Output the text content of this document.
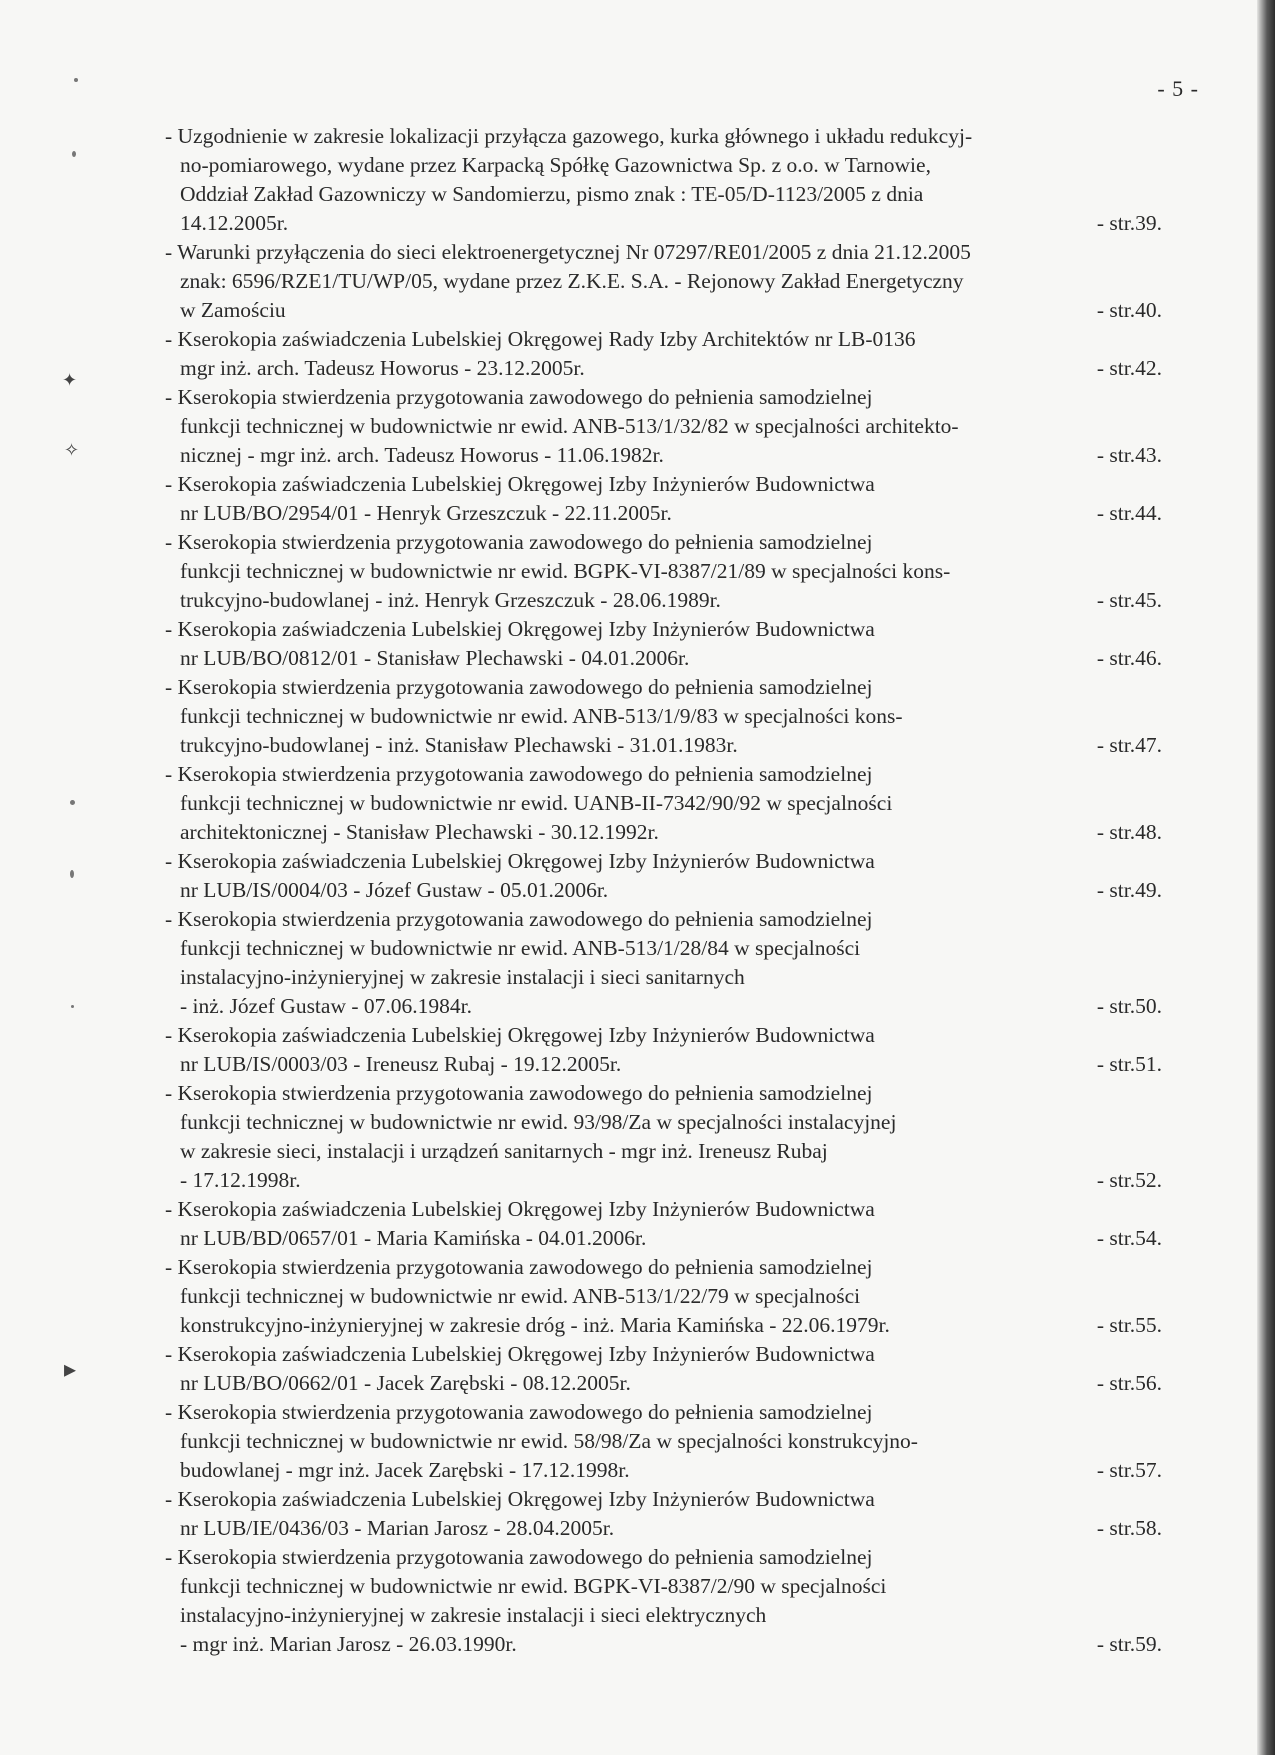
✦
✧
▸
- 5 -
- Uzgodnienie w zakresie lokalizacji przyłącza gazowego, kurka głównego i układu redukcyj-
no-pomiarowego, wydane przez Karpacką Spółkę Gazownictwa Sp. z o.o. w Tarnowie,
Oddział Zakład Gazowniczy w Sandomierzu, pismo znak : TE-05/D-1123/2005 z dnia
14.12.2005r.	- str.39.
- Warunki przyłączenia do sieci elektroenergetycznej Nr 07297/RE01/2005 z dnia 21.12.2005
znak: 6596/RZE1/TU/WP/05, wydane przez Z.K.E. S.A. - Rejonowy Zakład Energetyczny
w Zamościu	- str.40.
- Kserokopia zaświadczenia Lubelskiej Okręgowej Rady Izby Architektów nr LB-0136
mgr inż. arch. Tadeusz Howorus - 23.12.2005r.	- str.42.
- Kserokopia stwierdzenia przygotowania zawodowego do pełnienia samodzielnej
funkcji technicznej w budownictwie nr ewid. ANB-513/1/32/82 w specjalności architekto-
nicznej - mgr inż. arch. Tadeusz Howorus - 11.06.1982r.	- str.43.
- Kserokopia zaświadczenia Lubelskiej Okręgowej Izby Inżynierów Budownictwa
nr LUB/BO/2954/01 - Henryk Grzeszczuk - 22.11.2005r.	- str.44.
- Kserokopia stwierdzenia przygotowania zawodowego do pełnienia samodzielnej
funkcji technicznej w budownictwie nr ewid. BGPK-VI-8387/21/89 w specjalności kons-
trukcyjno-budowlanej - inż. Henryk Grzeszczuk - 28.06.1989r.	- str.45.
- Kserokopia zaświadczenia Lubelskiej Okręgowej Izby Inżynierów Budownictwa
nr LUB/BO/0812/01 - Stanisław Plechawski - 04.01.2006r.	- str.46.
- Kserokopia stwierdzenia przygotowania zawodowego do pełnienia samodzielnej
funkcji technicznej w budownictwie nr ewid. ANB-513/1/9/83 w specjalności kons-
trukcyjno-budowlanej - inż. Stanisław Plechawski - 31.01.1983r.	- str.47.
- Kserokopia stwierdzenia przygotowania zawodowego do pełnienia samodzielnej
funkcji technicznej w budownictwie nr ewid. UANB-II-7342/90/92 w specjalności
architektonicznej - Stanisław Plechawski - 30.12.1992r.	- str.48.
- Kserokopia zaświadczenia Lubelskiej Okręgowej Izby Inżynierów Budownictwa
nr LUB/IS/0004/03 - Józef Gustaw - 05.01.2006r.	- str.49.
- Kserokopia stwierdzenia przygotowania zawodowego do pełnienia samodzielnej
funkcji technicznej w budownictwie nr ewid. ANB-513/1/28/84 w specjalności
instalacyjno-inżynieryjnej w zakresie instalacji i sieci sanitarnych
- inż. Józef Gustaw - 07.06.1984r.	- str.50.
- Kserokopia zaświadczenia Lubelskiej Okręgowej Izby Inżynierów Budownictwa
nr LUB/IS/0003/03 - Ireneusz Rubaj - 19.12.2005r.	- str.51.
- Kserokopia stwierdzenia przygotowania zawodowego do pełnienia samodzielnej
funkcji technicznej w budownictwie nr ewid. 93/98/Za w specjalności instalacyjnej
w zakresie sieci, instalacji i urządzeń sanitarnych - mgr inż. Ireneusz Rubaj
- 17.12.1998r.	- str.52.
- Kserokopia zaświadczenia Lubelskiej Okręgowej Izby Inżynierów Budownictwa
nr LUB/BD/0657/01 - Maria Kamińska - 04.01.2006r.	- str.54.
- Kserokopia stwierdzenia przygotowania zawodowego do pełnienia samodzielnej
funkcji technicznej w budownictwie nr ewid. ANB-513/1/22/79 w specjalności
konstrukcyjno-inżynieryjnej w zakresie dróg - inż. Maria Kamińska - 22.06.1979r.	- str.55.
- Kserokopia zaświadczenia Lubelskiej Okręgowej Izby Inżynierów Budownictwa
nr LUB/BO/0662/01 - Jacek Zarębski - 08.12.2005r.	- str.56.
- Kserokopia stwierdzenia przygotowania zawodowego do pełnienia samodzielnej
funkcji technicznej w budownictwie nr ewid. 58/98/Za w specjalności konstrukcyjno-
budowlanej - mgr inż. Jacek Zarębski - 17.12.1998r.	- str.57.
- Kserokopia zaświadczenia Lubelskiej Okręgowej Izby Inżynierów Budownictwa
nr LUB/IE/0436/03 - Marian Jarosz - 28.04.2005r.	- str.58.
- Kserokopia stwierdzenia przygotowania zawodowego do pełnienia samodzielnej
funkcji technicznej w budownictwie nr ewid. BGPK-VI-8387/2/90 w specjalności
instalacyjno-inżynieryjnej w zakresie instalacji i sieci elektrycznych
- mgr inż. Marian Jarosz - 26.03.1990r.	- str.59.
